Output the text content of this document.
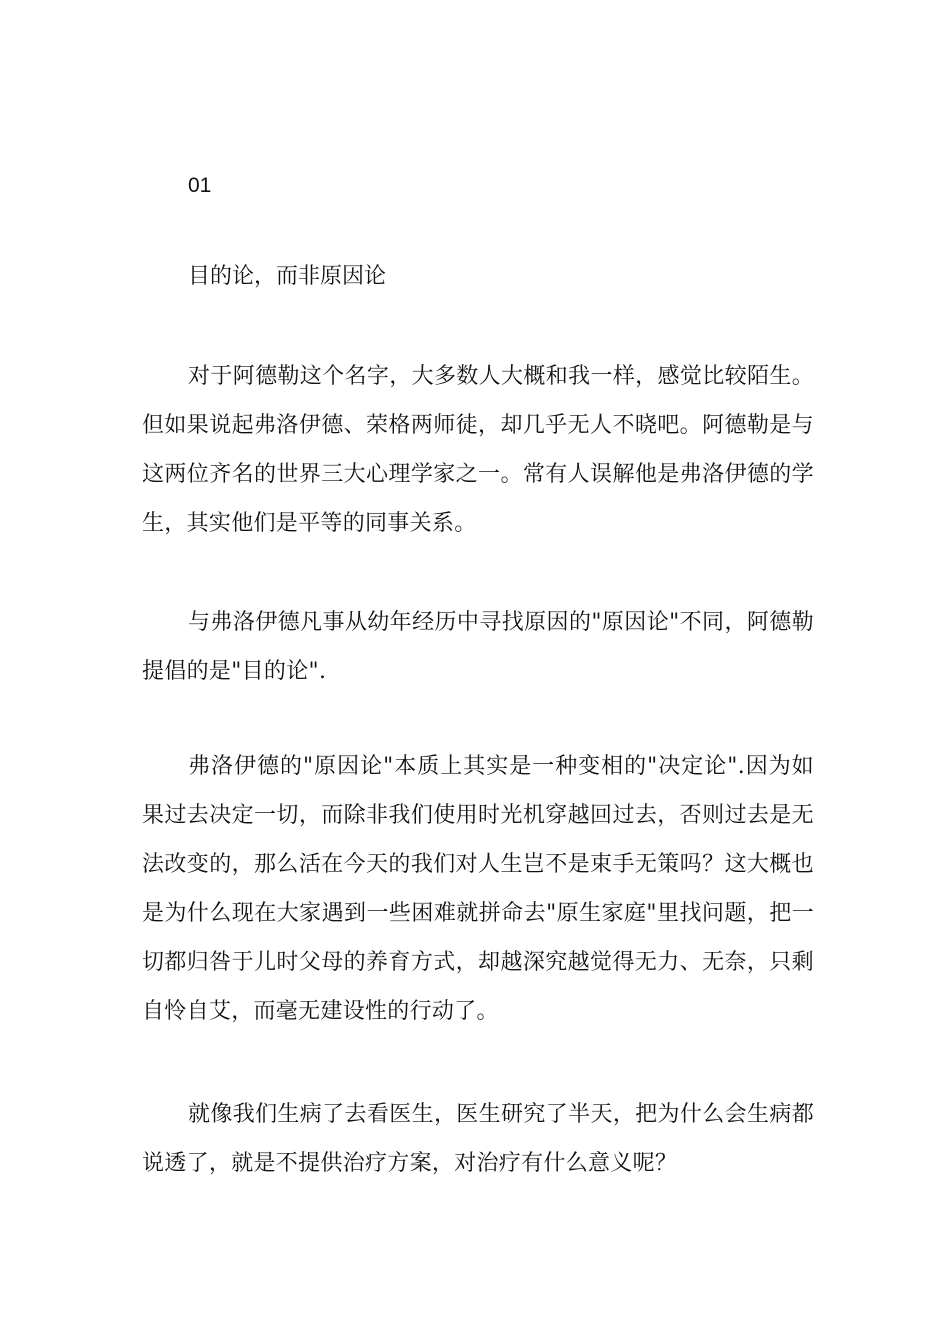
01

目的论，而非原因论

对于阿德勒这个名字，大多数人大概和我一样，感觉比较陌生。但如果说起弗洛伊德、荣格两师徒，却几乎无人不晓吧。阿德勒是与这两位齐名的世界三大心理学家之一。常有人误解他是弗洛伊德的学生，其实他们是平等的同事关系。

与弗洛伊德凡事从幼年经历中寻找原因的"原因论"不同，阿德勒提倡的是"目的论".

弗洛伊德的"原因论"本质上其实是一种变相的"决定论".因为如果过去决定一切，而除非我们使用时光机穿越回过去，否则过去是无法改变的，那么活在今天的我们对人生岂不是束手无策吗？这大概也是为什么现在大家遇到一些困难就拼命去"原生家庭"里找问题，把一切都归咎于儿时父母的养育方式，却越深究越觉得无力、无奈，只剩自怜自艾，而毫无建设性的行动了。

就像我们生病了去看医生，医生研究了半天，把为什么会生病都说透了，就是不提供治疗方案，对治疗有什么意义呢？
